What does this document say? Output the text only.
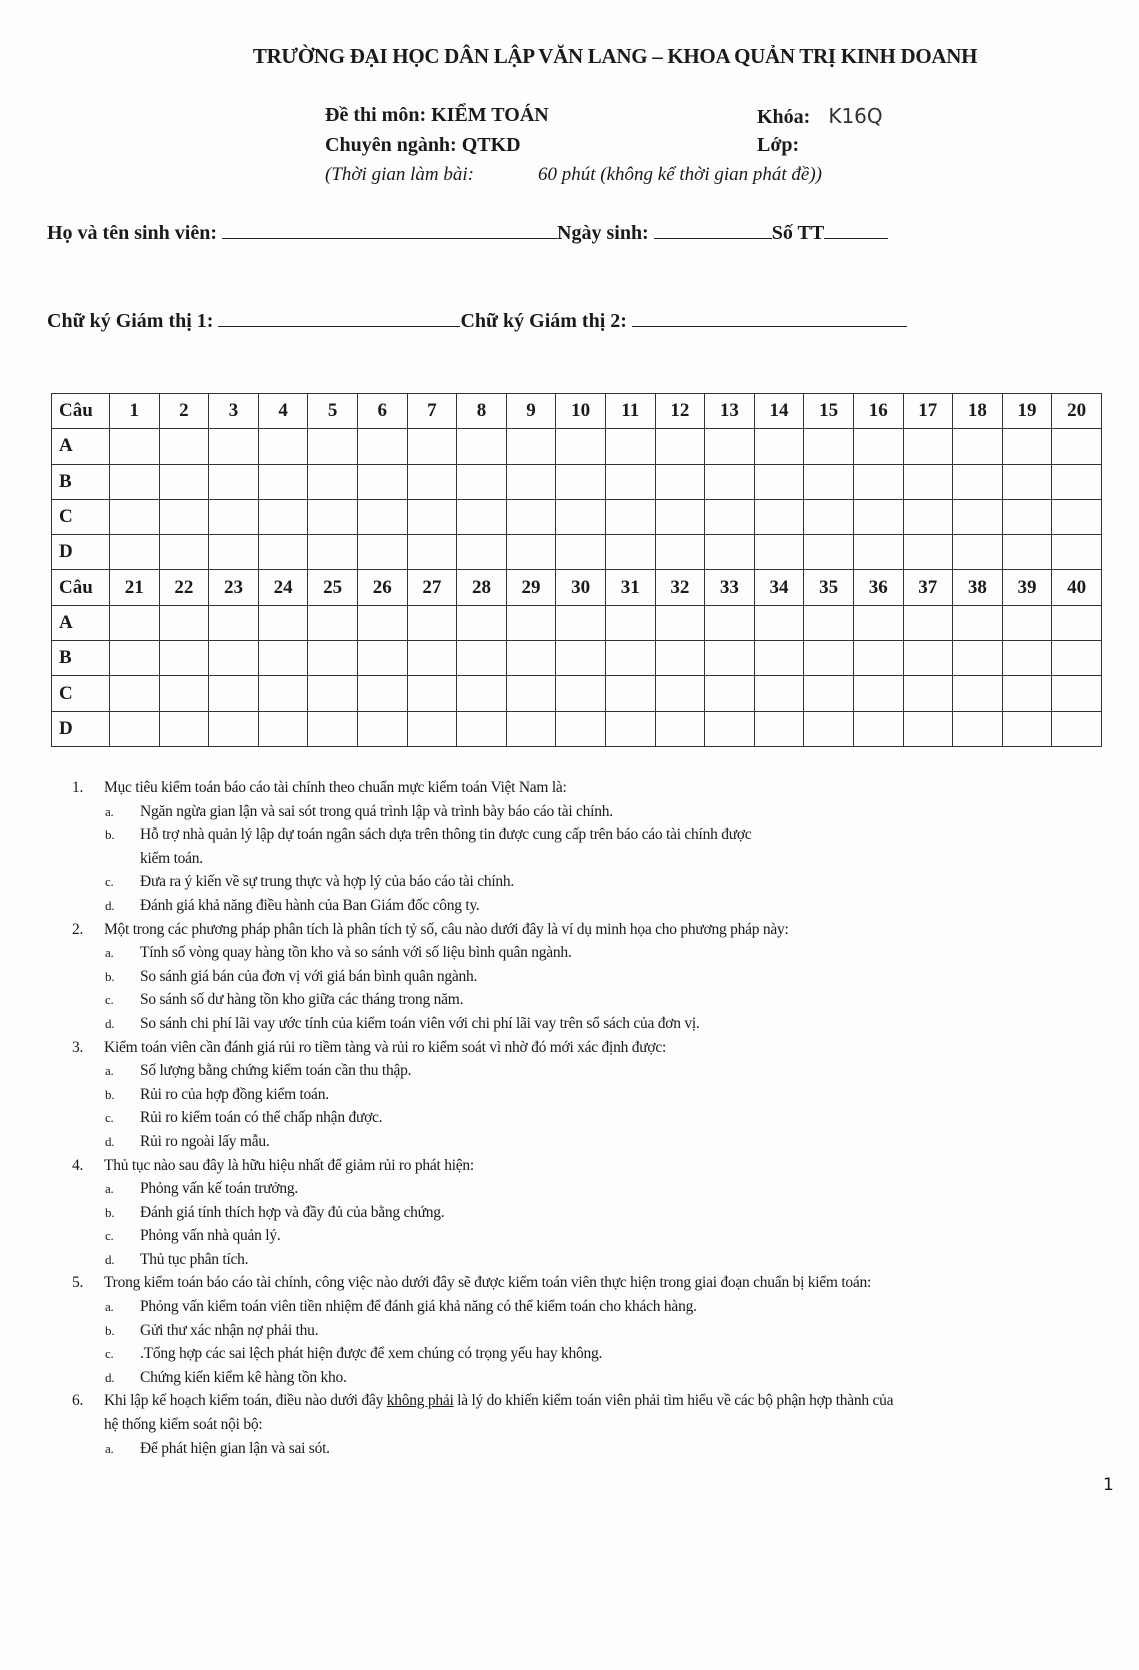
TRƯỜNG ĐẠI HỌC DÂN LẬP VĂN LANG – KHOA QUẢN TRỊ KINH DOANH
Đề thi môn: KIỂM TOÁN
Chuyên ngành: QTKD
(Thời gian làm bài:	60 phút (không kể thời gian phát đề))
Khóa: K16Q
Lớp:
Họ và tên sinh viên:	Ngày sinh:	Số TT
Chữ ký Giám thị 1:	Chữ ký Giám thị 2:
Câu	1	2	3	4	5	6	7	8	9	10	11	12	13	14	15	16	17	18	19	20
A																				
B																				
C																				
D																				
Câu	21	22	23	24	25	26	27	28	29	30	31	32	33	34	35	36	37	38	39	40
A																				
B																				
C																				
D																				
1. Mục tiêu kiểm toán báo cáo tài chính theo chuẩn mực kiểm toán Việt Nam là:
a. Ngăn ngừa gian lận và sai sót trong quá trình lập và trình bày báo cáo tài chính.
b. Hỗ trợ nhà quản lý lập dự toán ngân sách dựa trên thông tin được cung cấp trên báo cáo tài chính được
kiểm toán.
c. Đưa ra ý kiến về sự trung thực và hợp lý của báo cáo tài chính.
d. Đánh giá khả năng điều hành của Ban Giám đốc công ty.
2. Một trong các phương pháp phân tích là phân tích tỷ số, câu nào dưới đây là ví dụ minh họa cho phương pháp này:
a. Tính số vòng quay hàng tồn kho và so sánh với số liệu bình quân ngành.
b. So sánh giá bán của đơn vị với giá bán bình quân ngành.
c. So sánh số dư hàng tồn kho giữa các tháng trong năm.
d. So sánh chi phí lãi vay ước tính của kiểm toán viên với chi phí lãi vay trên sổ sách của đơn vị.
3. Kiểm toán viên cần đánh giá rủi ro tiềm tàng và rủi ro kiểm soát vì nhờ đó mới xác định được:
a. Số lượng bằng chứng kiểm toán cần thu thập.
b. Rủi ro của hợp đồng kiểm toán.
c. Rủi ro kiểm toán có thể chấp nhận được.
d. Rủi ro ngoài lấy mẫu.
4. Thủ tục nào sau đây là hữu hiệu nhất để giảm rủi ro phát hiện:
a. Phỏng vấn kế toán trưởng.
b. Đánh giá tính thích hợp và đầy đủ của bằng chứng.
c. Phỏng vấn nhà quản lý.
d. Thủ tục phân tích.
5. Trong kiểm toán báo cáo tài chính, công việc nào dưới đây sẽ được kiểm toán viên thực hiện trong giai đoạn chuẩn bị kiểm toán:
a. Phỏng vấn kiểm toán viên tiền nhiệm để đánh giá khả năng có thể kiểm toán cho khách hàng.
b. Gửi thư xác nhận nợ phải thu.
c. .Tổng hợp các sai lệch phát hiện được để xem chúng có trọng yếu hay không.
d. Chứng kiến kiểm kê hàng tồn kho.
6. Khi lập kế hoạch kiểm toán, điều nào dưới đây không phải là lý do khiến kiểm toán viên phải tìm hiểu về các bộ phận hợp thành của
hệ thống kiểm soát nội bộ:
a. Để phát hiện gian lận và sai sót.
1
